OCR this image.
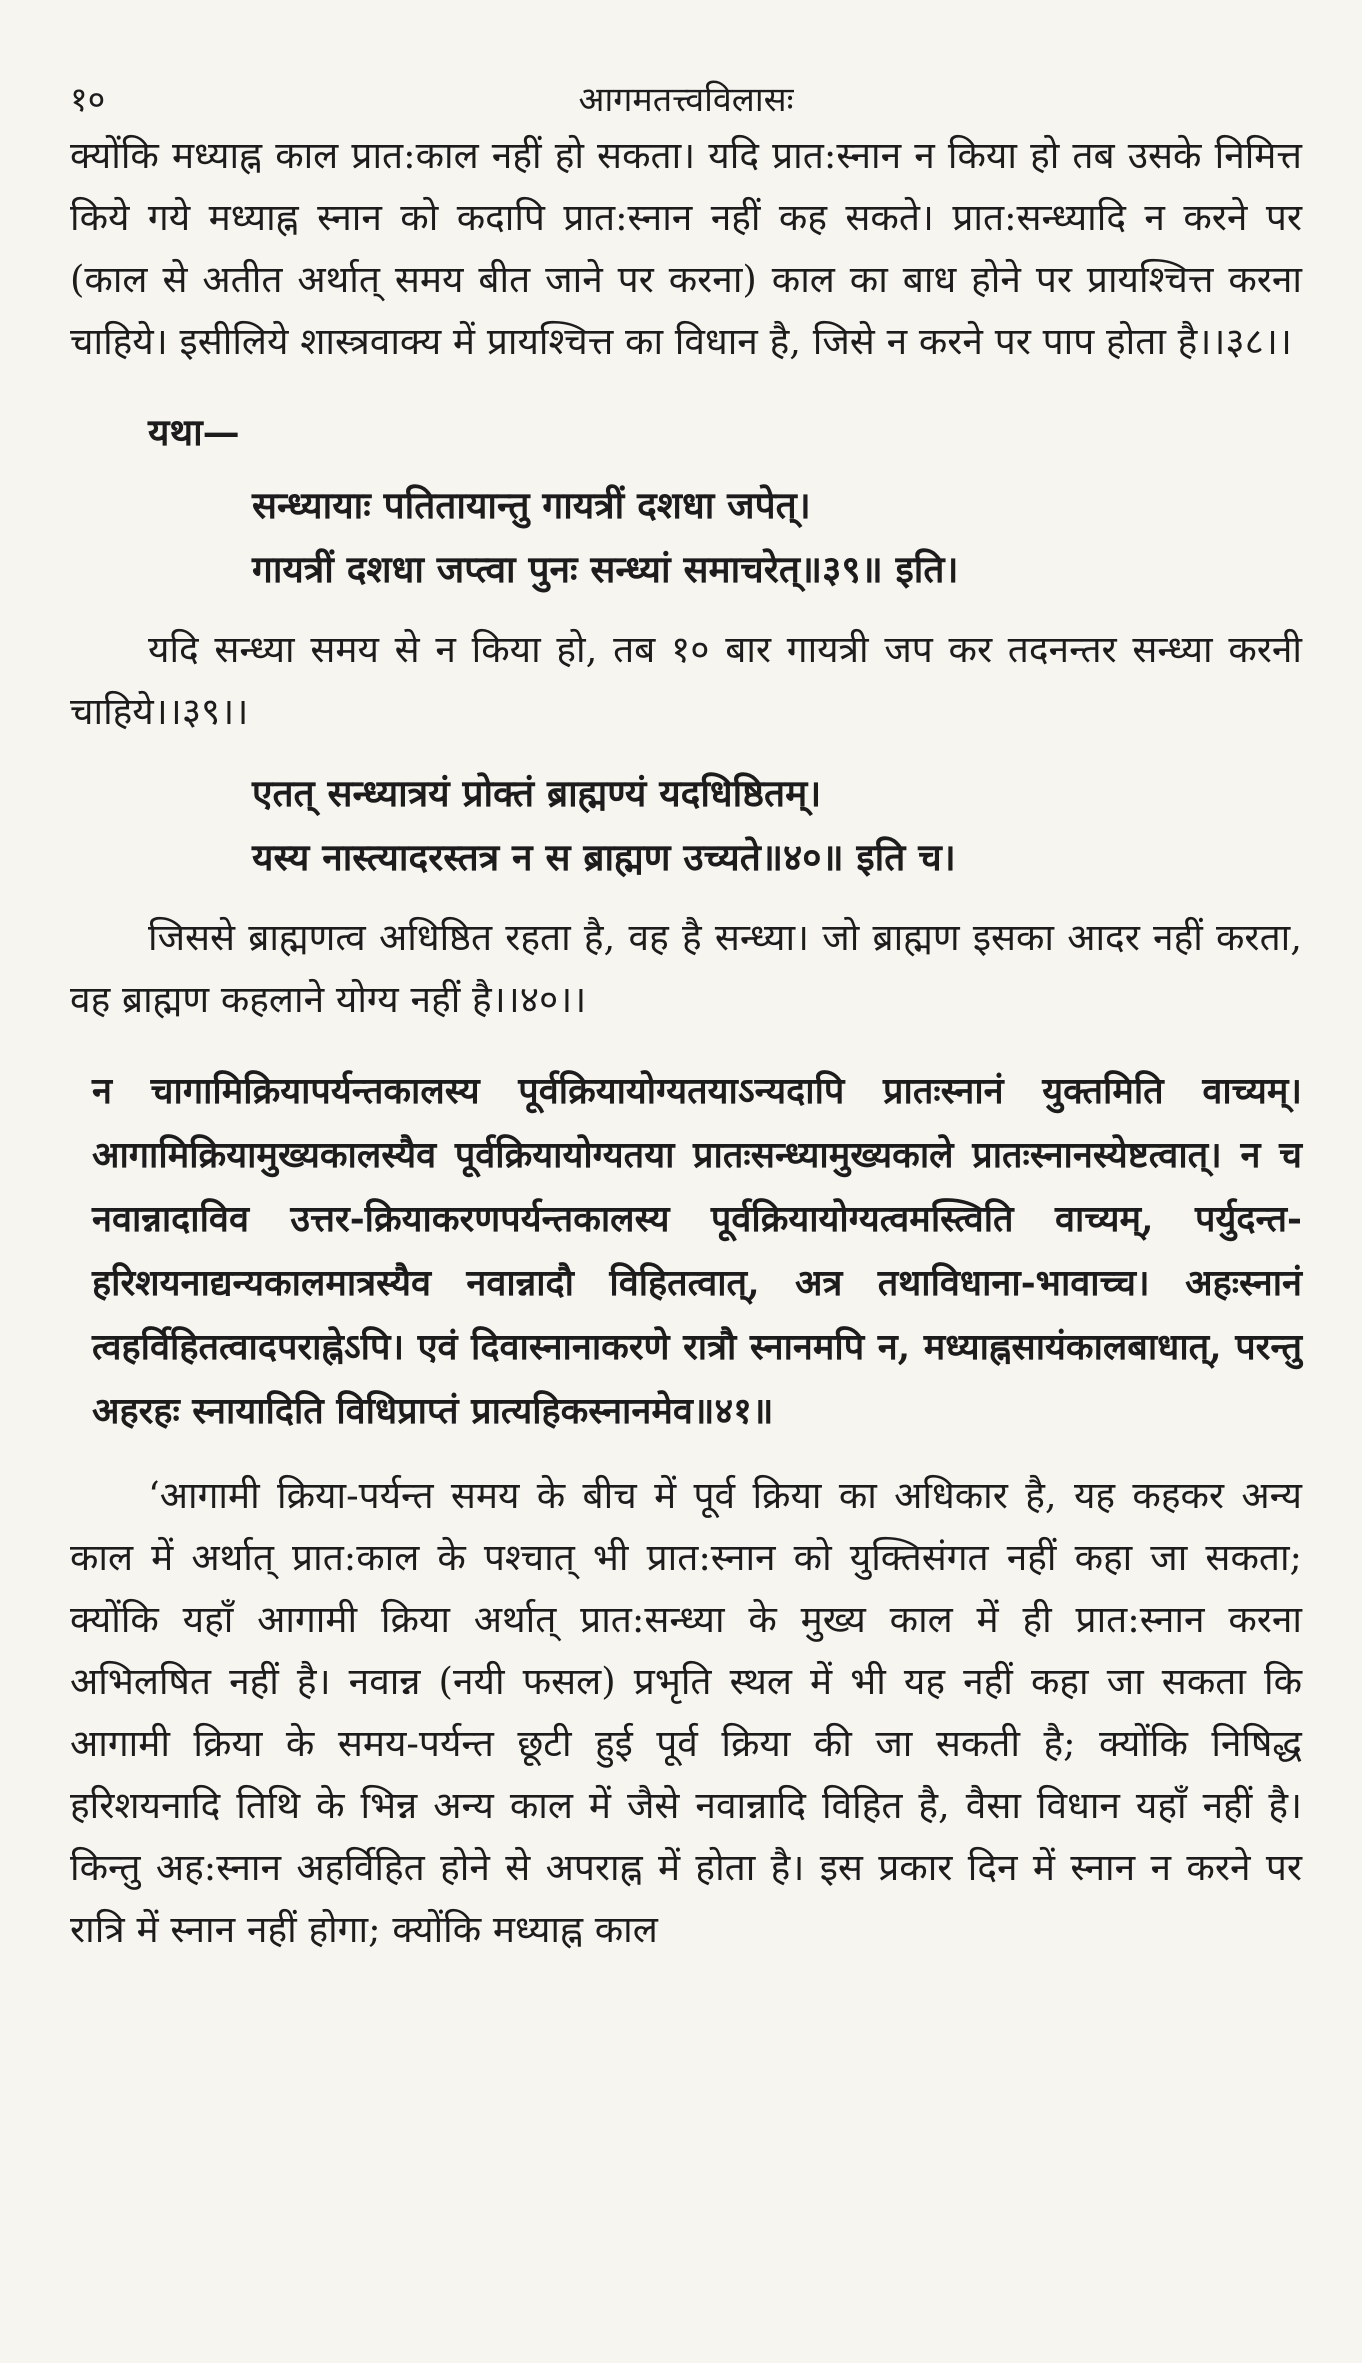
१०	आगमतत्त्वविलासः

क्योंकि मध्याह्न काल प्रात:काल नहीं हो सकता। यदि प्रात:स्नान न किया हो तब उसके निमित्त किये गये मध्याह्न स्नान को कदापि प्रात:स्नान नहीं कह सकते। प्रात:सन्ध्यादि न करने पर (काल से अतीत अर्थात् समय बीत जाने पर करना) काल का बाध होने पर प्रायश्चित्त करना चाहिये। इसीलिये शास्त्रवाक्य में प्रायश्चित्त का विधान है, जिसे न करने पर पाप होता है।।३८।।

यथा—

सन्ध्यायाः पतितायान्तु गायत्रीं दशधा जपेत्।
गायत्रीं दशधा जप्त्वा पुनः सन्ध्यां समाचरेत्॥३९॥ इति।

यदि सन्ध्या समय से न किया हो, तब १० बार गायत्री जप कर तदनन्तर सन्ध्या करनी चाहिये।।३९।।

एतत् सन्ध्यात्रयं प्रोक्तं ब्राह्मण्यं यदधिष्ठितम्।
यस्य नास्त्यादरस्तत्र न स ब्राह्मण उच्यते॥४०॥ इति च।

जिससे ब्राह्मणत्व अधिष्ठित रहता है, वह है सन्ध्या। जो ब्राह्मण इसका आदर नहीं करता, वह ब्राह्मण कहलाने योग्य नहीं है।।४०।।

न चागामिक्रियापर्यन्तकालस्य पूर्वक्रियायोग्यतयाऽन्यदापि प्रातःस्नानं युक्तमिति वाच्यम्। आगामिक्रियामुख्यकालस्यैव पूर्वक्रियायोग्यतया प्रातःसन्ध्यामुख्यकाले प्रातःस्नानस्येष्टत्वात्। न च नवान्नादाविव उत्तर-क्रियाकरणपर्यन्तकालस्य पूर्वक्रियायोग्यत्वमस्त्विति वाच्यम्, पर्युदन्त-हरिशयनाद्यन्यकालमात्रस्यैव नवान्नादौ विहितत्वात्, अत्र तथाविधाना-भावाच्च। अहःस्नानं त्वहर्विहितत्वादपराह्नेऽपि। एवं दिवास्नानाकरणे रात्रौ स्नानमपि न, मध्याह्नसायंकालबाधात्, परन्तु अहरहः स्नायादिति विधिप्राप्तं प्रात्यहिकस्नानमेव॥४१॥

‘आगामी क्रिया-पर्यन्त समय के बीच में पूर्व क्रिया का अधिकार है, यह कहकर अन्य काल में अर्थात् प्रात:काल के पश्चात् भी प्रात:स्नान को युक्तिसंगत नहीं कहा जा सकता; क्योंकि यहाँ आगामी क्रिया अर्थात् प्रात:सन्ध्या के मुख्य काल में ही प्रात:स्नान करना अभिलषित नहीं है। नवान्न (नयी फसल) प्रभृति स्थल में भी यह नहीं कहा जा सकता कि आगामी क्रिया के समय-पर्यन्त छूटी हुई पूर्व क्रिया की जा सकती है; क्योंकि निषिद्ध हरिशयनादि तिथि के भिन्न अन्य काल में जैसे नवान्नादि विहित है, वैसा विधान यहाँ नहीं है। किन्तु अह:स्नान अहर्विहित होने से अपराह्न में होता है। इस प्रकार दिन में स्नान न करने पर रात्रि में स्नान नहीं होगा; क्योंकि मध्याह्न काल
